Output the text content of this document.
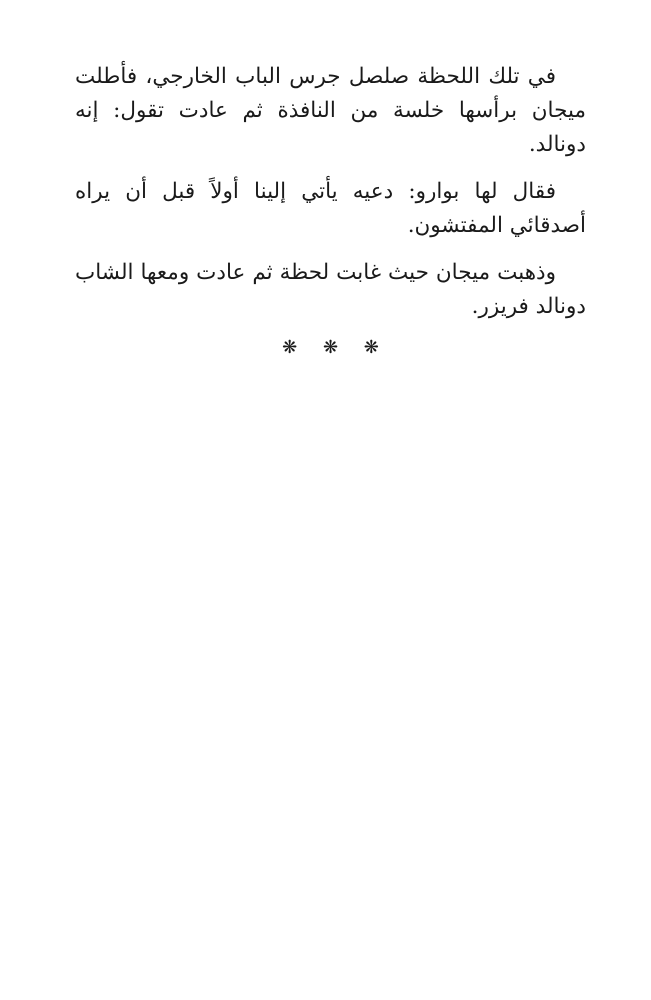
في تلك اللحظة صلصل جرس الباب الخارجي، فأطلت ميجان برأسها خلسة من النافذة ثم عادت تقول: إنه دونالد.

فقال لها بوارو: دعيه يأتي إلينا أولاً قبل أن يراه أصدقائي المفتشون.

وذهبت ميجان حيث غابت لحظة ثم عادت ومعها الشاب دونالد فريزر.

❋ ❋ ❋
